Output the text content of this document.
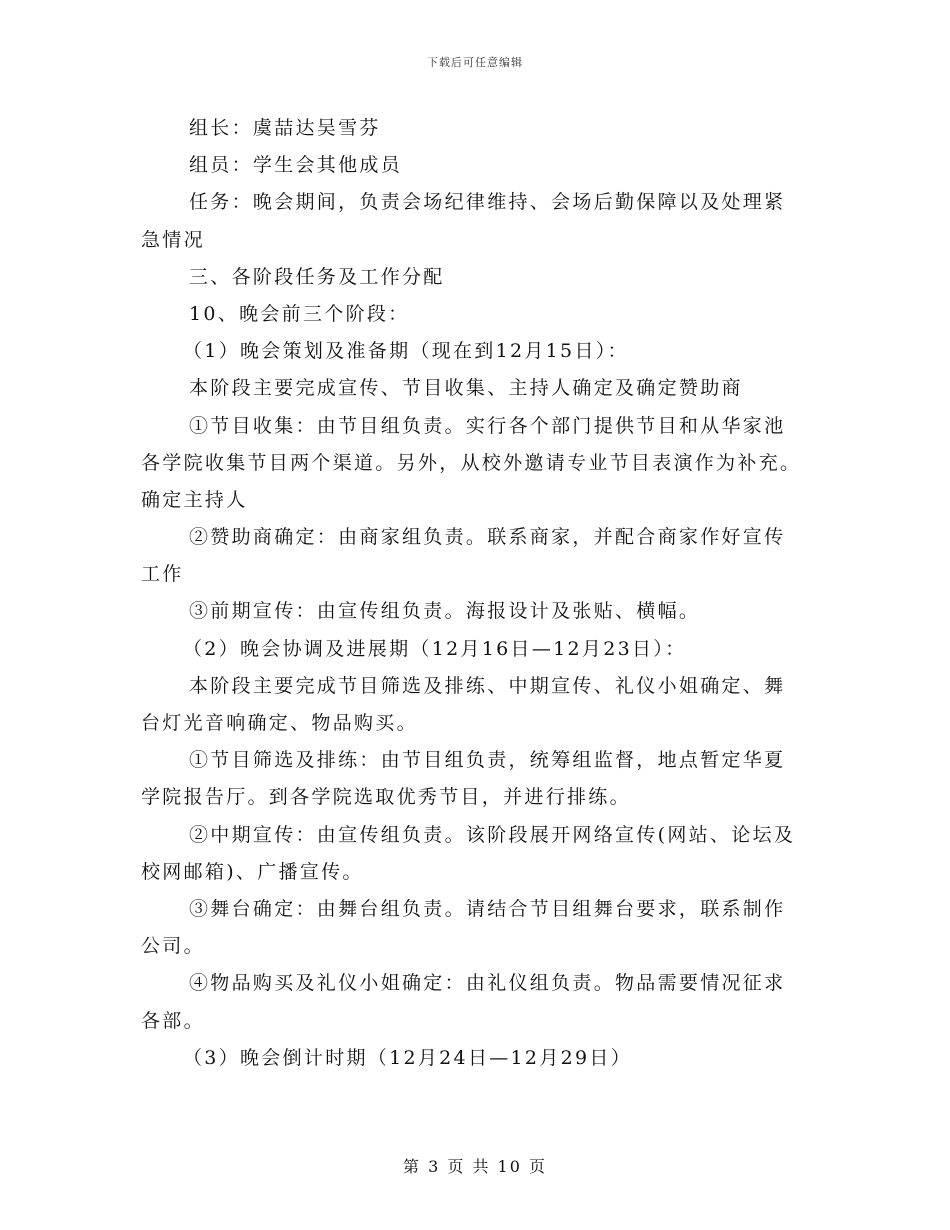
下载后可任意编辑
组长：虞喆达吴雪芬
组员：学生会其他成员
任务：晚会期间，负责会场纪律维持、会场后勤保障以及处理紧
急情况
三、各阶段任务及工作分配
10、晚会前三个阶段：
（1）晚会策划及准备期（现在到12月15日）：
本阶段主要完成宣传、节目收集、主持人确定及确定赞助商
①节目收集：由节目组负责。实行各个部门提供节目和从华家池
各学院收集节目两个渠道。另外，从校外邀请专业节目表演作为补充。
确定主持人
②赞助商确定：由商家组负责。联系商家，并配合商家作好宣传
工作
③前期宣传：由宣传组负责。海报设计及张贴、横幅。
（2）晚会协调及进展期（12月16日—12月23日）：
本阶段主要完成节目筛选及排练、中期宣传、礼仪小姐确定、舞
台灯光音响确定、物品购买。
①节目筛选及排练：由节目组负责，统筹组监督，地点暂定华夏
学院报告厅。到各学院选取优秀节目，并进行排练。
②中期宣传：由宣传组负责。该阶段展开网络宣传(网站、论坛及
校网邮箱)、广播宣传。
③舞台确定：由舞台组负责。请结合节目组舞台要求，联系制作
公司。
④物品购买及礼仪小姐确定：由礼仪组负责。物品需要情况征求
各部。
（3）晚会倒计时期（12月24日—12月29日）
第 3 页 共 10 页
